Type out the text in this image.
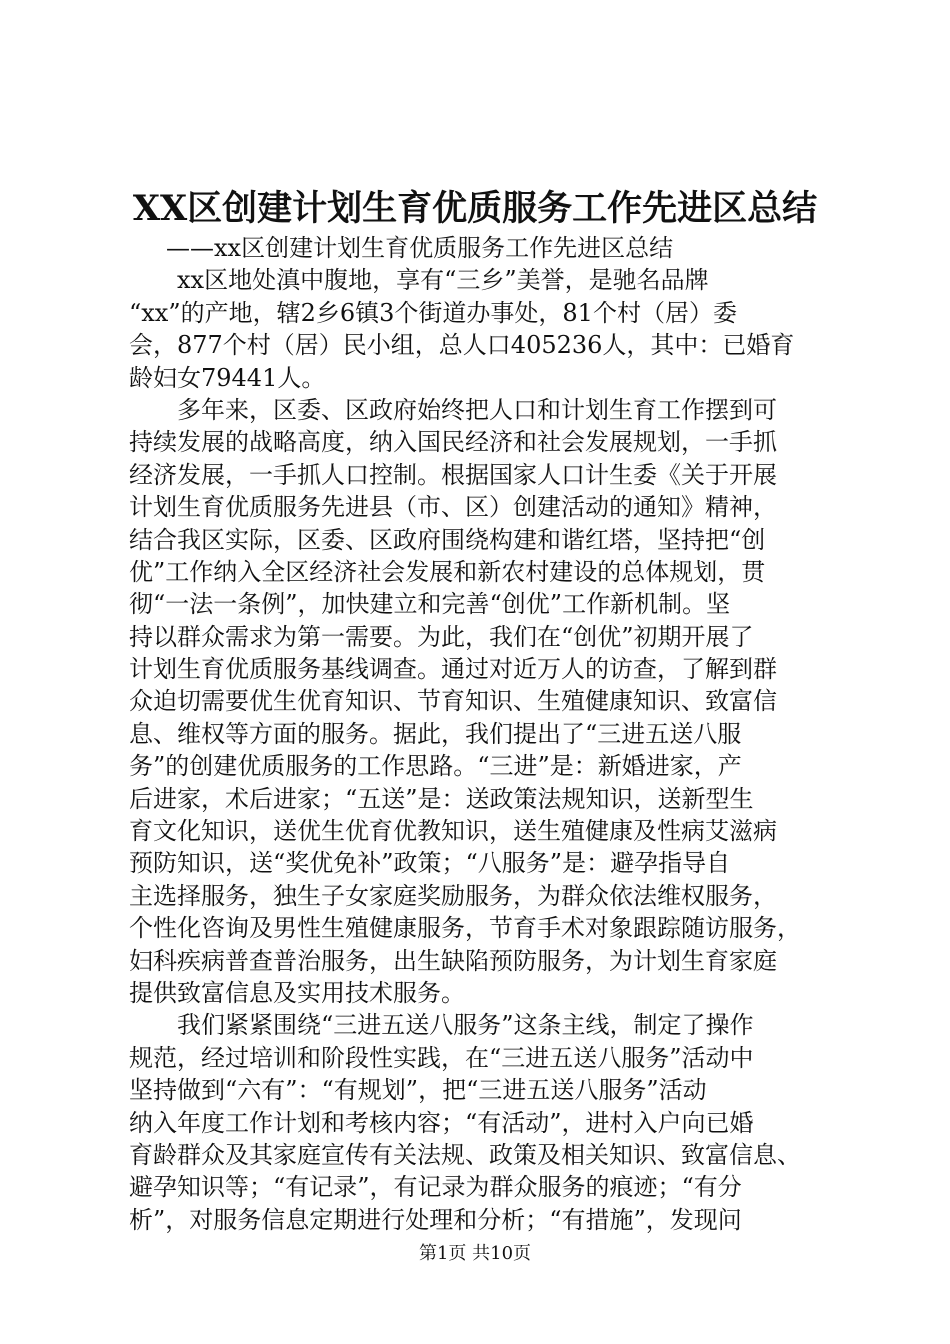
XX区创建计划生育优质服务工作先进区总结
——xx区创建计划生育优质服务工作先进区总结
xx区地处滇中腹地，享有“三乡”美誉，是驰名品牌
“xx”的产地，辖2乡6镇3个街道办事处，81个村（居）委
会，877个村（居）民小组，总人口405236人，其中：已婚育
龄妇女79441人。
多年来，区委、区政府始终把人口和计划生育工作摆到可
持续发展的战略高度，纳入国民经济和社会发展规划，一手抓
经济发展，一手抓人口控制。根据国家人口计生委《关于开展
计划生育优质服务先进县（市、区）创建活动的通知》精神，
结合我区实际，区委、区政府围绕构建和谐红塔，坚持把“创
优”工作纳入全区经济社会发展和新农村建设的总体规划，贯
彻“一法一条例”，加快建立和完善“创优”工作新机制。坚
持以群众需求为第一需要。为此，我们在“创优”初期开展了
计划生育优质服务基线调查。通过对近万人的访查，了解到群
众迫切需要优生优育知识、节育知识、生殖健康知识、致富信
息、维权等方面的服务。据此，我们提出了“三进五送八服
务”的创建优质服务的工作思路。“三进”是：新婚进家，产
后进家，术后进家；“五送”是：送政策法规知识，送新型生
育文化知识，送优生优育优教知识，送生殖健康及性病艾滋病
预防知识，送“奖优免补”政策；“八服务”是：避孕指导自
主选择服务，独生子女家庭奖励服务，为群众依法维权服务，
个性化咨询及男性生殖健康服务，节育手术对象跟踪随访服务，
妇科疾病普查普治服务，出生缺陷预防服务，为计划生育家庭
提供致富信息及实用技术服务。
我们紧紧围绕“三进五送八服务”这条主线，制定了操作
规范，经过培训和阶段性实践，在“三进五送八服务”活动中
坚持做到“六有”：“有规划”，把“三进五送八服务”活动
纳入年度工作计划和考核内容；“有活动”，进村入户向已婚
育龄群众及其家庭宣传有关法规、政策及相关知识、致富信息、
避孕知识等；“有记录”，有记录为群众服务的痕迹；“有分
析”，对服务信息定期进行处理和分析；“有措施”，发现问
第1页 共10页
